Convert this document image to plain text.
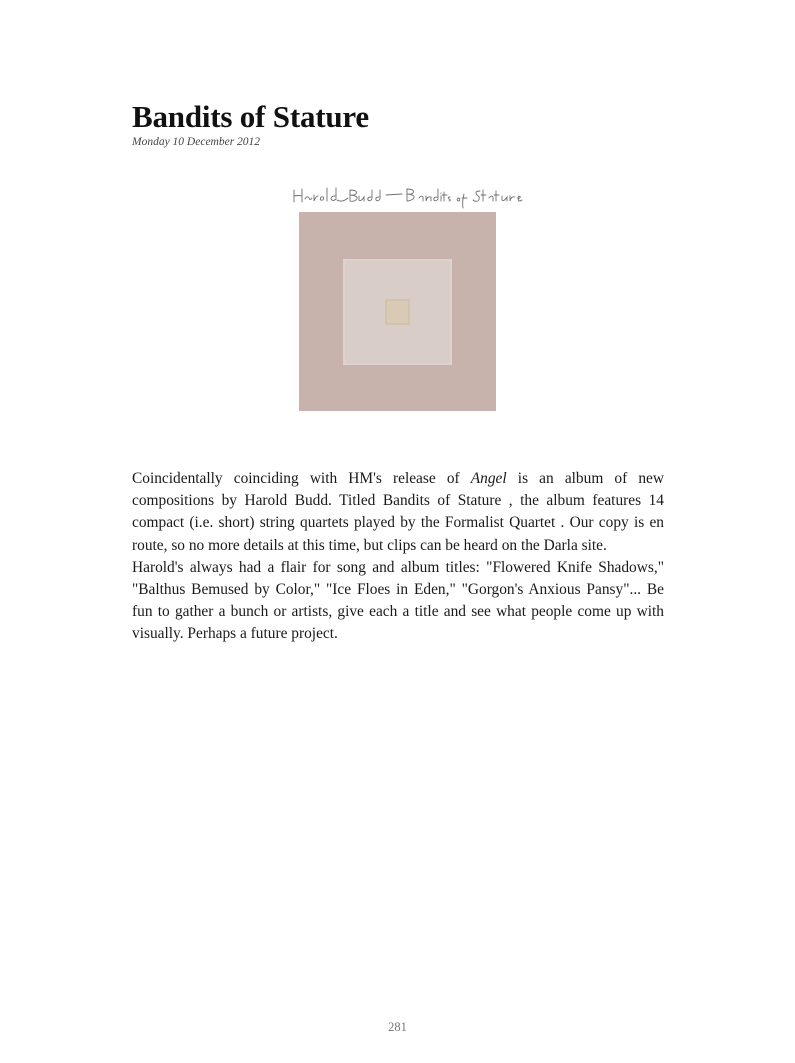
Bandits of Stature
Monday 10 December 2012

Coincidentally coinciding with HM's release of Angel is an album of new compositions by Harold Budd. Titled Bandits of Stature , the album features 14 compact (i.e. short) string quartets played by the Formalist Quartet . Our copy is en route, so no more details at this time, but clips can be heard on the Darla site.

Harold's always had a flair for song and album titles: "Flowered Knife Shadows," "Balthus Bemused by Color," "Ice Floes in Eden," "Gorgon's Anxious Pansy"... Be fun to gather a bunch or artists, give each a title and see what people come up with visually. Perhaps a future project.

281
